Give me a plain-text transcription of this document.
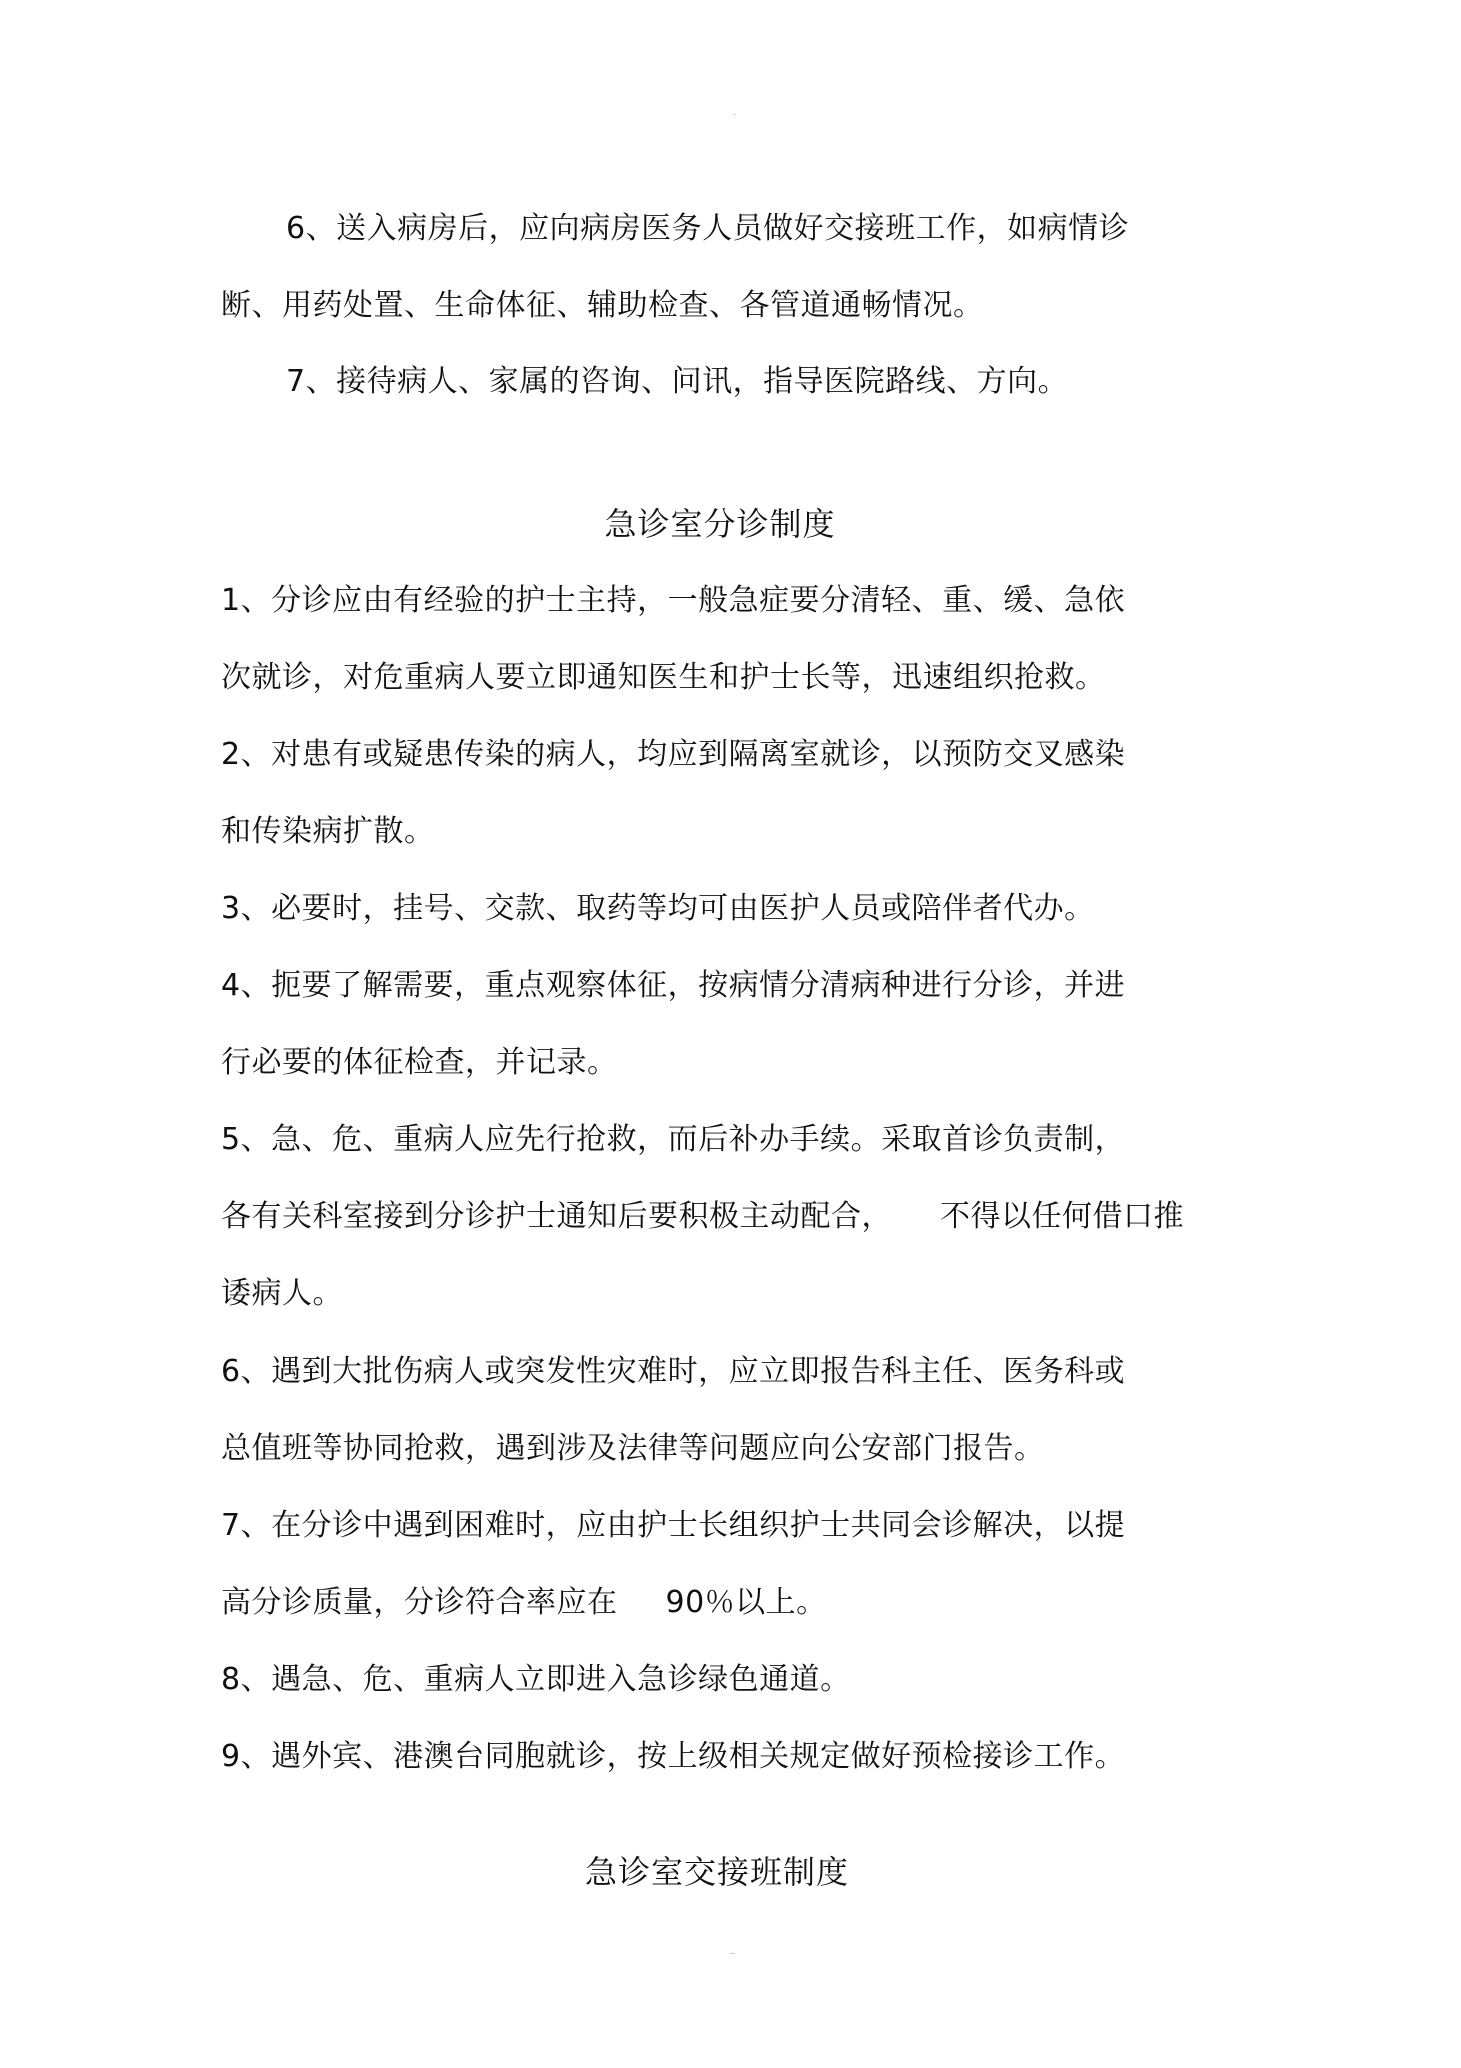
.
6、送入病房后，应向病房医务人员做好交接班工作，如病情诊
断、用药处置、生命体征、辅助检查、各管道通畅情况。
7、接待病人、家属的咨询、问讯，指导医院路线、方向。
急诊室分诊制度
1、分诊应由有经验的护士主持，一般急症要分清轻、重、缓、急依
次就诊，对危重病人要立即通知医生和护士长等，迅速组织抢救。
2、对患有或疑患传染的病人，均应到隔离室就诊，以预防交叉感染
和传染病扩散。
3、必要时，挂号、交款、取药等均可由医护人员或陪伴者代办。
4、扼要了解需要，重点观察体征，按病情分清病种进行分诊，并进
行必要的体征检查，并记录。
5、急、危、重病人应先行抢救，而后补办手续。采取首诊负责制，
各有关科室接到分诊护士通知后要积极主动配合， 不得以任何借口推
诿病人。
6、遇到大批伤病人或突发性灾难时，应立即报告科主任、医务科或
总值班等协同抢救，遇到涉及法律等问题应向公安部门报告。
7、在分诊中遇到困难时，应由护士长组织护士共同会诊解决，以提
高分诊质量，分诊符合率应在 90％以上。
8、遇急、危、重病人立即进入急诊绿色通道。
9、遇外宾、港澳台同胞就诊，按上级相关规定做好预检接诊工作。
急诊室交接班制度
..
